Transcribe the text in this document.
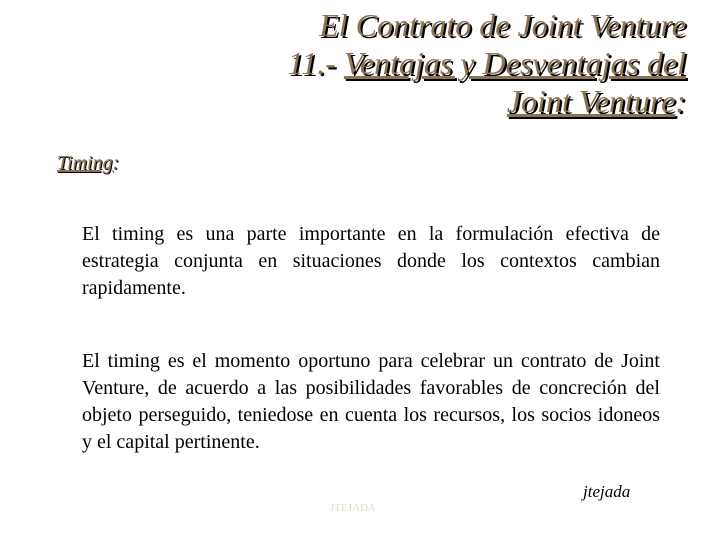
El Contrato de Joint Venture
11.- Ventajas y Desventajas del
Joint Venture:
Timing:
El timing es una parte importante en la formulación efectiva de estrategia conjunta en situaciones donde los contextos cambian rapidamente.
El timing es el momento oportuno para celebrar un contrato de Joint Venture, de acuerdo a las posibilidades favorables de concreción del objeto perseguido, teniedose en cuenta los recursos, los socios idoneos y el capital pertinente.
JTEJADA
jtejada
